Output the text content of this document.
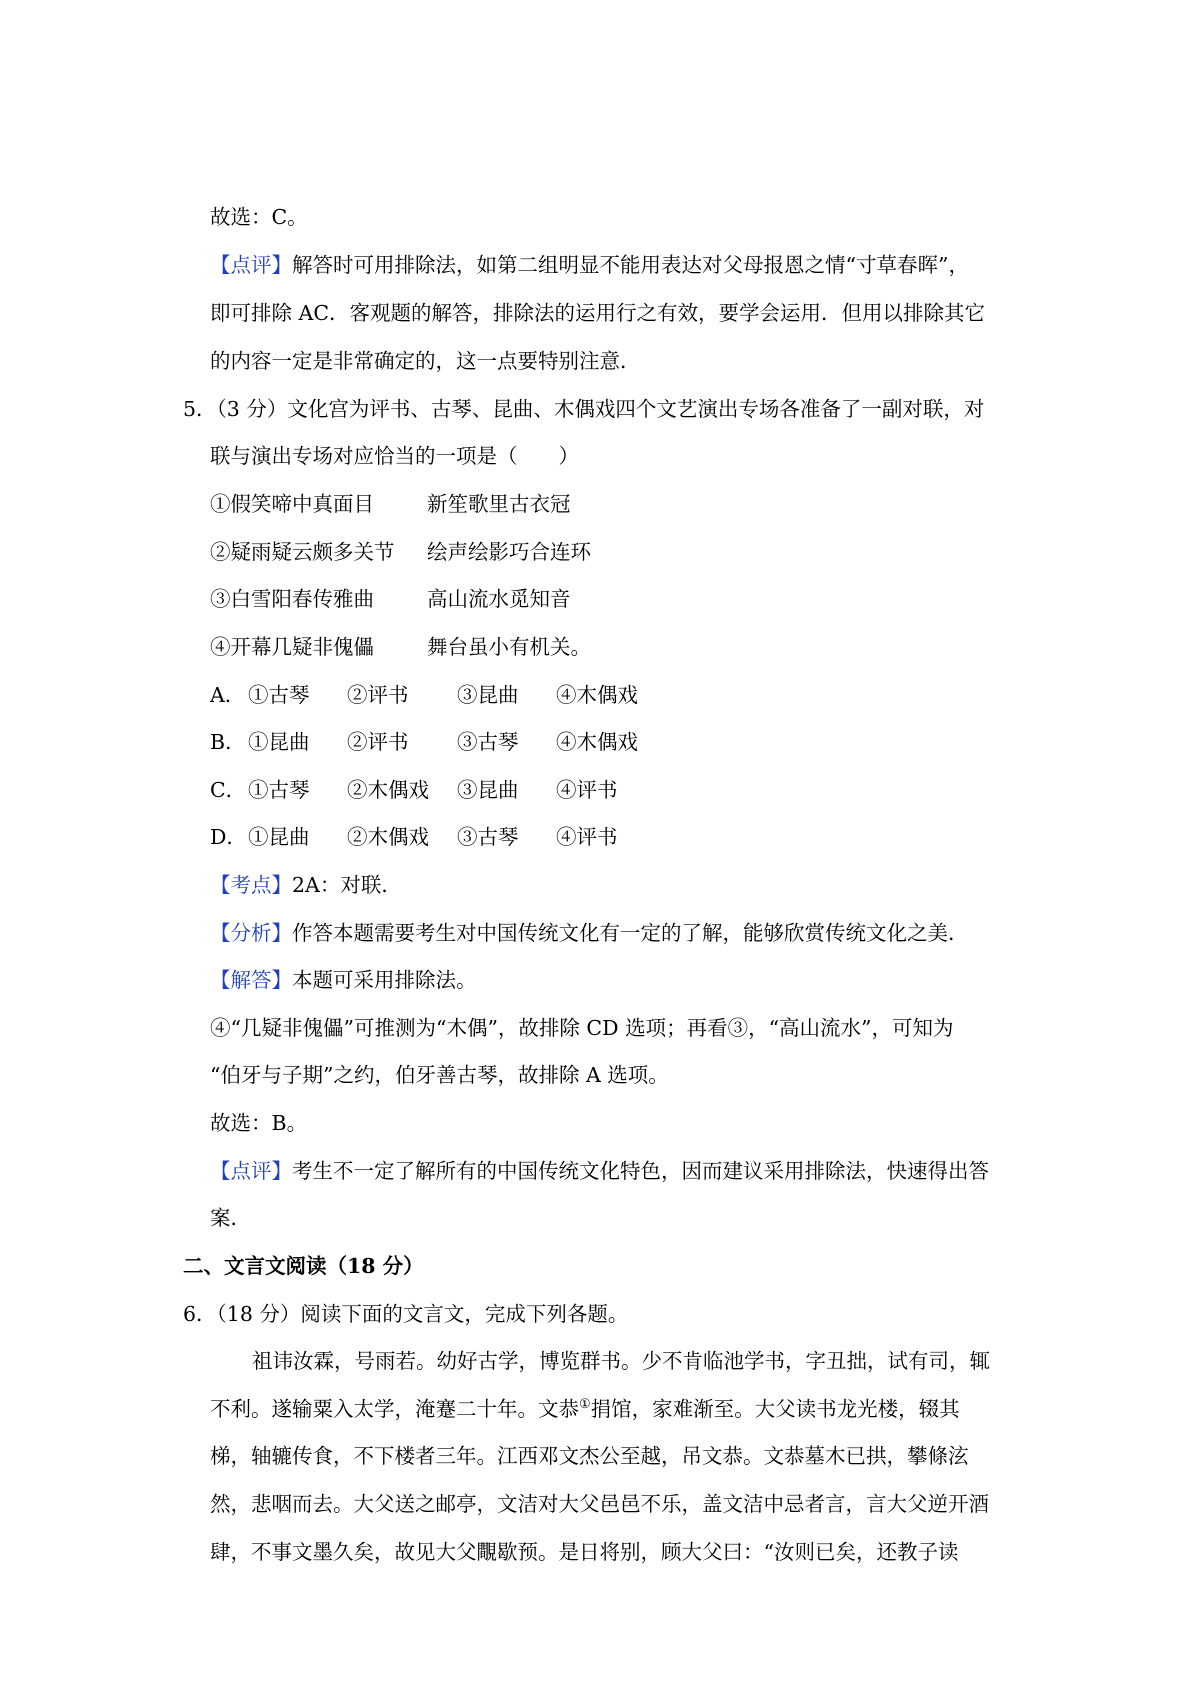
故选：C。
【点评】解答时可用排除法，如第二组明显不能用表达对父母报恩之情“寸草春晖”，
即可排除 AC．客观题的解答，排除法的运用行之有效，要学会运用．但用以排除其它
的内容一定是非常确定的，这一点要特别注意．
5．（3 分）文化宫为评书、古琴、昆曲、木偶戏四个文艺演出专场各准备了一副对联，对
联与演出专场对应恰当的一项是（　　）
①假笑啼中真面目	新笙歌里古衣冠
②疑雨疑云颇多关节 绘声绘影巧合连环
③白雪阳春传雅曲	高山流水觅知音
④开幕几疑非傀儡	舞台虽小有机关。
A． ①古琴 ②评书 ③昆曲 ④木偶戏
B． ①昆曲 ②评书 ③古琴 ④木偶戏
C．①古琴 ②木偶戏 ③昆曲 ④评书
D．①昆曲 ②木偶戏 ③古琴 ④评书
【考点】2A：对联．
【分析】作答本题需要考生对中国传统文化有一定的了解，能够欣赏传统文化之美．
【解答】本题可采用排除法。
④“几疑非傀儡”可推测为“木偶”，故排除 CD 选项；再看③，“高山流水”，可知为
“伯牙与子期”之约，伯牙善古琴，故排除 A 选项。
故选：B。
【点评】考生不一定了解所有的中国传统文化特色，因而建议采用排除法，快速得出答
案．
二、文言文阅读（18 分）
6．（18 分）阅读下面的文言文，完成下列各题。
祖讳汝霖，号雨若。幼好古学，博览群书。少不肯临池学书，字丑拙，试有司，辄
不利。遂输粟入太学，淹蹇二十年。文恭①捐馆，家难渐至。大父读书龙光楼，辍其
梯，轴辘传食，不下楼者三年。江西邓文杰公至越，吊文恭。文恭墓木已拱，攀條泫
然，悲咽而去。大父送之邮亭，文洁对大父邑邑不乐，盖文洁中忌者言，言大父逆开酒
肆，不事文墨久矣，故见大父覸歇预。是日将别，顾大父曰：“汝则已矣，还教子读
